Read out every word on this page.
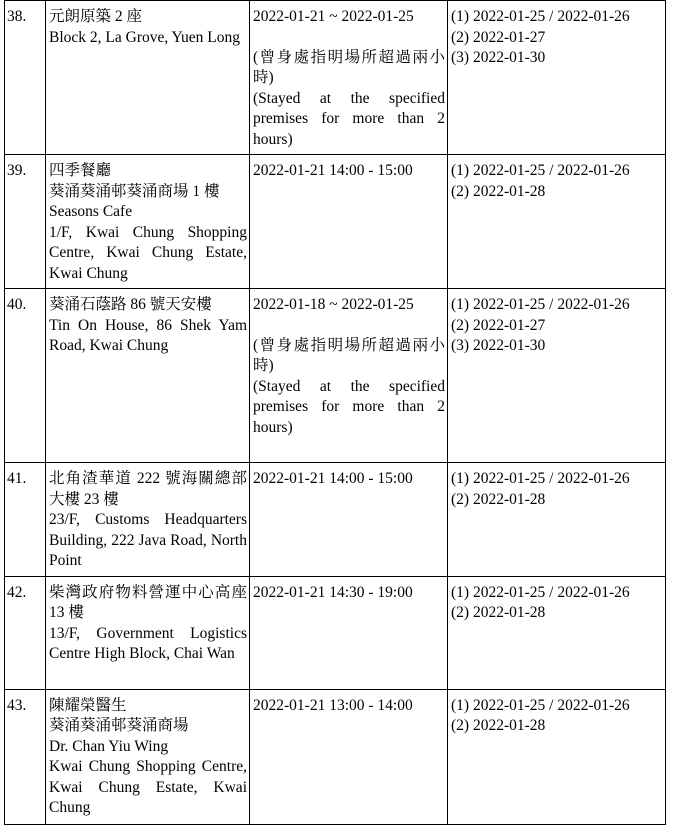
38.	元朗原築 2 座
Block 2, La Grove, Yuen Long	2022-01-21 ~ 2022-01-25
(曾身處指明場所超過兩小時)
(Stayed at the specified premises for more than 2 hours)	(1) 2022-01-25 / 2022-01-26
(2) 2022-01-27
(3) 2022-01-30

39.	四季餐廳
葵涌葵涌邨葵涌商場 1 樓
Seasons Cafe
1/F, Kwai Chung Shopping Centre, Kwai Chung Estate, Kwai Chung	2022-01-21 14:00 - 15:00	(1) 2022-01-25 / 2022-01-26
(2) 2022-01-28

40.	葵涌石蔭路 86 號天安樓
Tin On House, 86 Shek Yam Road, Kwai Chung	2022-01-18 ~ 2022-01-25
(曾身處指明場所超過兩小時)
(Stayed at the specified premises for more than 2 hours)	(1) 2022-01-25 / 2022-01-26
(2) 2022-01-27
(3) 2022-01-30

41.	北角渣華道 222 號海關總部大樓 23 樓
23/F, Customs Headquarters Building, 222 Java Road, North Point	2022-01-21 14:00 - 15:00	(1) 2022-01-25 / 2022-01-26
(2) 2022-01-28

42.	柴灣政府物料營運中心高座 13 樓
13/F, Government Logistics Centre High Block, Chai Wan	2022-01-21 14:30 - 19:00	(1) 2022-01-25 / 2022-01-26
(2) 2022-01-28

43.	陳耀榮醫生
葵涌葵涌邨葵涌商場
Dr. Chan Yiu Wing
Kwai Chung Shopping Centre, Kwai Chung Estate, Kwai Chung	2022-01-21 13:00 - 14:00	(1) 2022-01-25 / 2022-01-26
(2) 2022-01-28
